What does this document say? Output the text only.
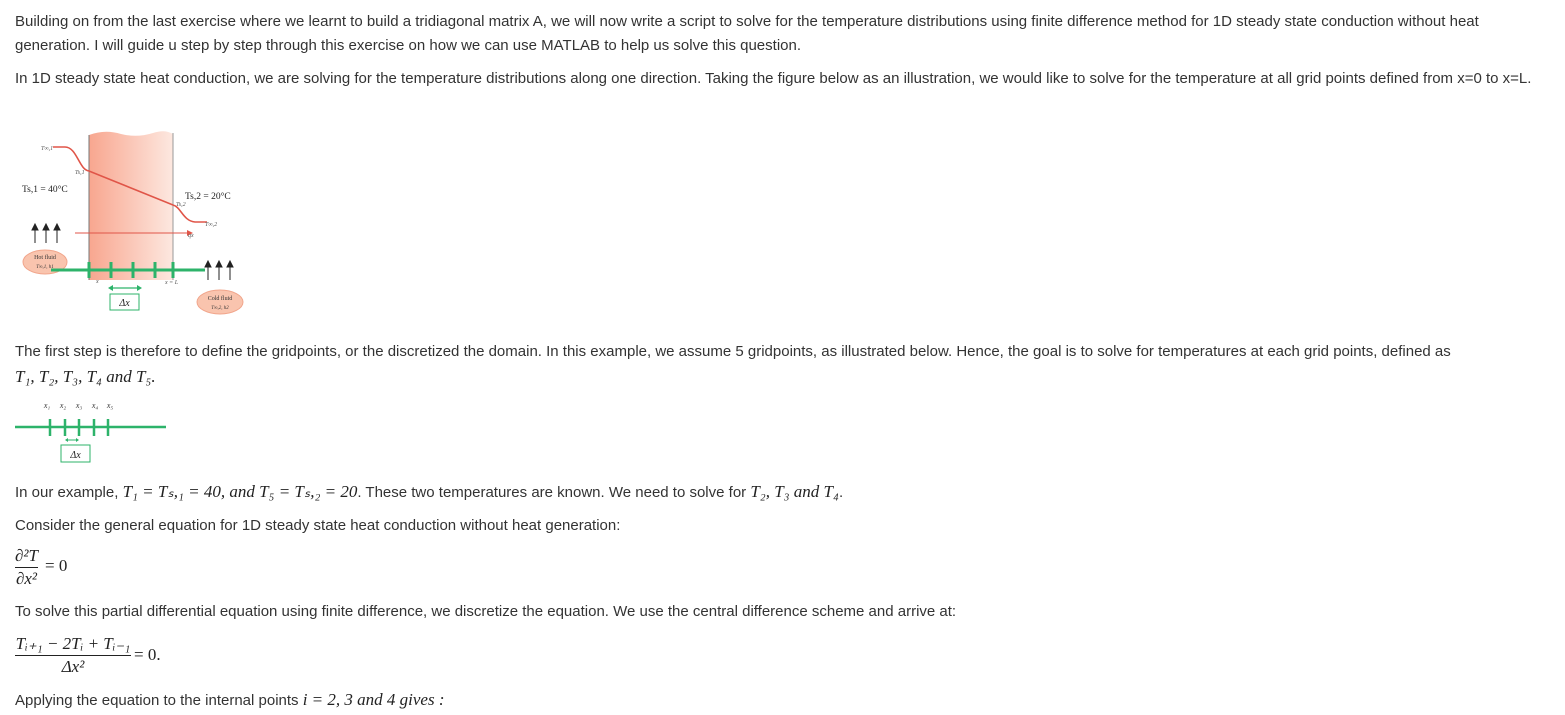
Building on from the last exercise where we learnt to build a tridiagonal matrix A, we will now write a script to solve for the temperature distributions using finite difference method for 1D steady state conduction without heat generation. I will guide u step by step through this exercise on how we can use MATLAB to help us solve this question.

In 1D steady state heat conduction, we are solving for the temperature distributions along one direction. Taking the figure below as an illustration, we would like to solve for the temperature at all grid points defined from x=0 to x=L.

Δx
T∞,1
Ts,1
Ts,1 = 40°C
Ts,2
Ts,2 = 20°C
T∞,2
qx
x	x = L
Hot fluid
T∞,1, h1
Cold fluid
T∞,2, h2

The first step is therefore to define the gridpoints, or the discretized the domain. In this example, we assume 5 gridpoints, as illustrated below. Hence, the goal is to solve for temperatures at each grid points, defined as
T₁, T₂, T₃, T₄ and T₅.

x₁ x₂ x₃ x₄ x₅
Δx

In our example, T₁ = Tₛ,₁ = 40, and T₅ = Tₛ,₂ = 20. These two temperatures are known. We need to solve for T₂, T₃ and T₄.

Consider the general equation for 1D steady state heat conduction without heat generation:

∂²T
∂x²
= 0

To solve this partial differential equation using finite difference, we discretize the equation. We use the central difference scheme and arrive at:

Tᵢ₊₁ − 2Tᵢ + Tᵢ₋₁
Δx²
= 0.

Applying the equation to the internal points i = 2, 3 and 4 gives :
